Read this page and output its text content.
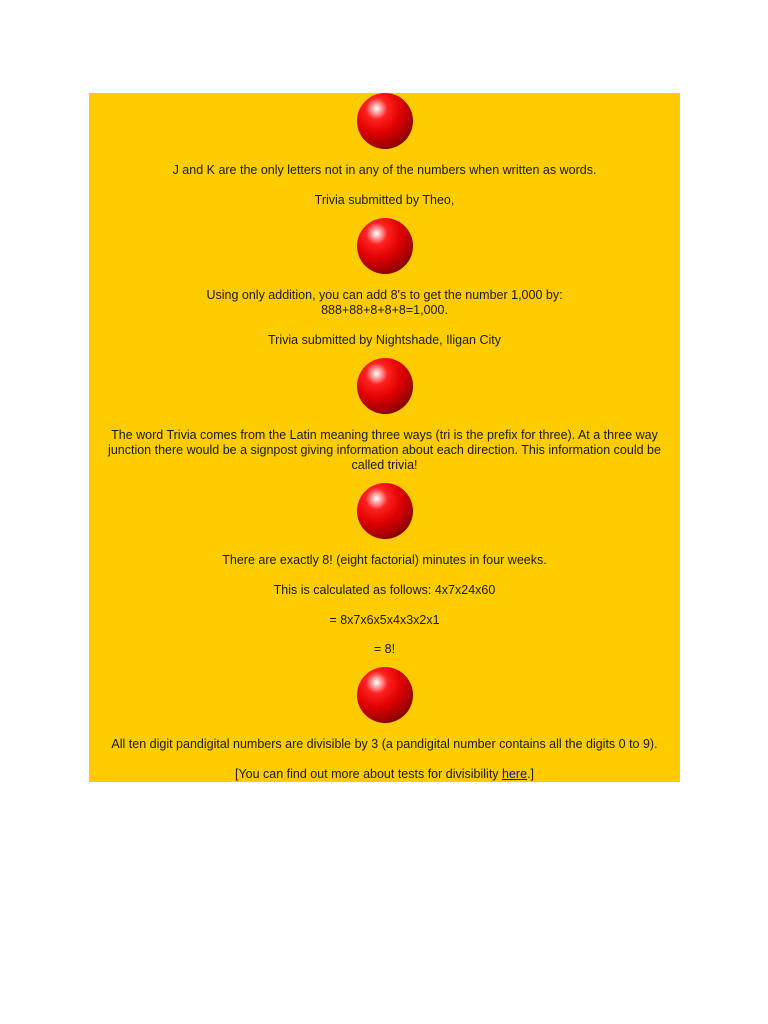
J and K are the only letters not in any of the numbers when written as words.

Trivia submitted by Theo,

Using only addition, you can add 8's to get the number 1,000 by:

888+88+8+8+8=1,000.

Trivia submitted by Nightshade, Iligan City

The word Trivia comes from the Latin meaning three ways (tri is the prefix for three). At a three way junction there would be a signpost giving information about each direction. This information could be called trivia!

There are exactly 8! (eight factorial) minutes in four weeks.

This is calculated as follows: 4x7x24x60

= 8x7x6x5x4x3x2x1

= 8!

All ten digit pandigital numbers are divisible by 3 (a pandigital number contains all the digits 0 to 9).

[You can find out more about tests for divisibility here.]
